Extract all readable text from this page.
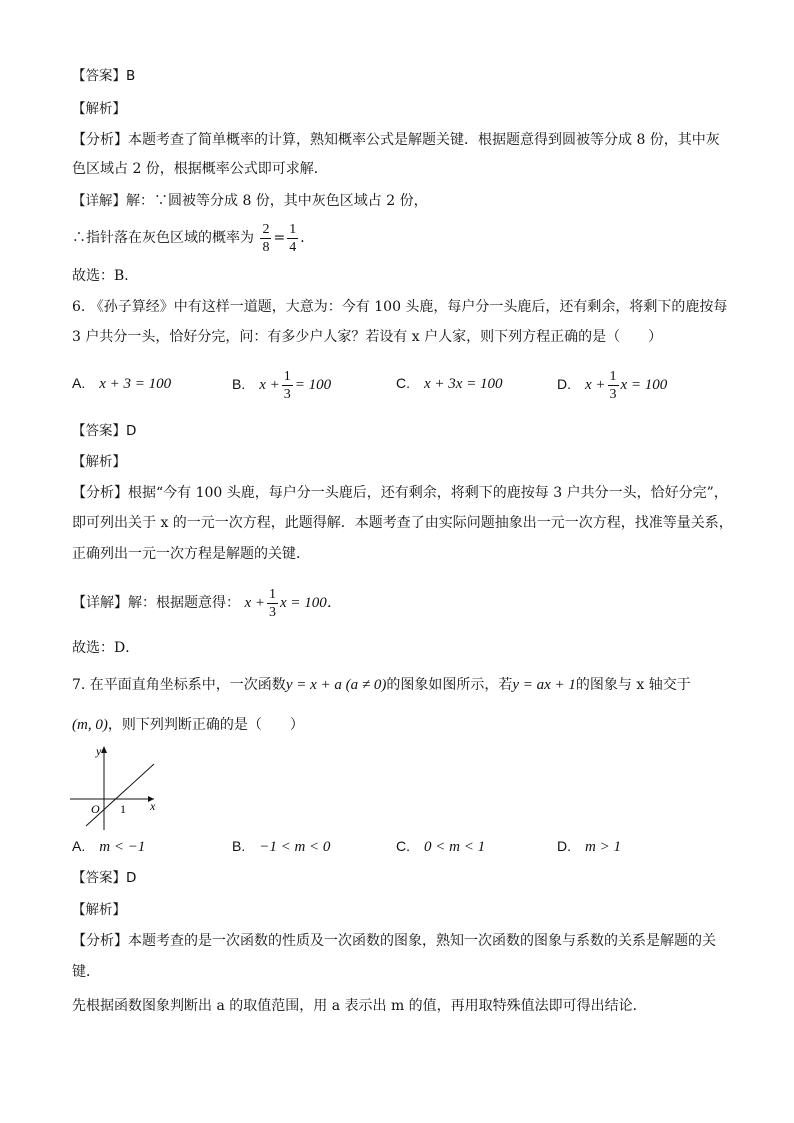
【答案】B
【解析】
【分析】本题考查了简单概率的计算，熟知概率公式是解题关键．根据题意得到圆被等分成 8 份，其中灰
色区域占 2 份，根据概率公式即可求解．
【详解】解：∵圆被等分成 8 份，其中灰色区域占 2 份，
∴指针落在灰色区域的概率为 $\frac{2}{8} = \frac{1}{4}$ ．
故选：B．
6. 《孙子算经》中有这样一道题，大意为：今有 100 头鹿，每户分一头鹿后，还有剩余，将剩下的鹿按每
3 户共分一头，恰好分完，问：有多少户人家？若设有 x 户人家，则下列方程正确的是（　　）
A. x + 3 = 100	B. $x + \frac{1}{3} = 100$	C. x + 3x = 100	D. $x + \frac{1}{3}$ x = 100
【答案】D
【解析】
【分析】根据“今有 100 头鹿，每户分一头鹿后，还有剩余，将剩下的鹿按每 3 户共分一头，恰好分完”，
即可列出关于 x 的一元一次方程，此题得解．本题考查了由实际问题抽象出一元一次方程，找准等量关系，
正确列出一元一次方程是解题的关键．
【详解】解：根据题意得： $x + \frac{1}{3}$ x = 100．
故选：D．
7. 在平面直角坐标系中，一次函数y = x + a (a ≠ 0)的图象如图所示，若y = ax + 1的图象与 x 轴交于
(m, 0)，则下列判断正确的是（　　）
y
x
O 1
A. m < −1	B. −1 < m < 0	C. 0 < m < 1	D. m > 1
【答案】D
【解析】
【分析】本题考查的是一次函数的性质及一次函数的图象，熟知一次函数的图象与系数的关系是解题的关
键．
先根据函数图象判断出 a 的取值范围，用 a 表示出 m 的值，再用取特殊值法即可得出结论．
